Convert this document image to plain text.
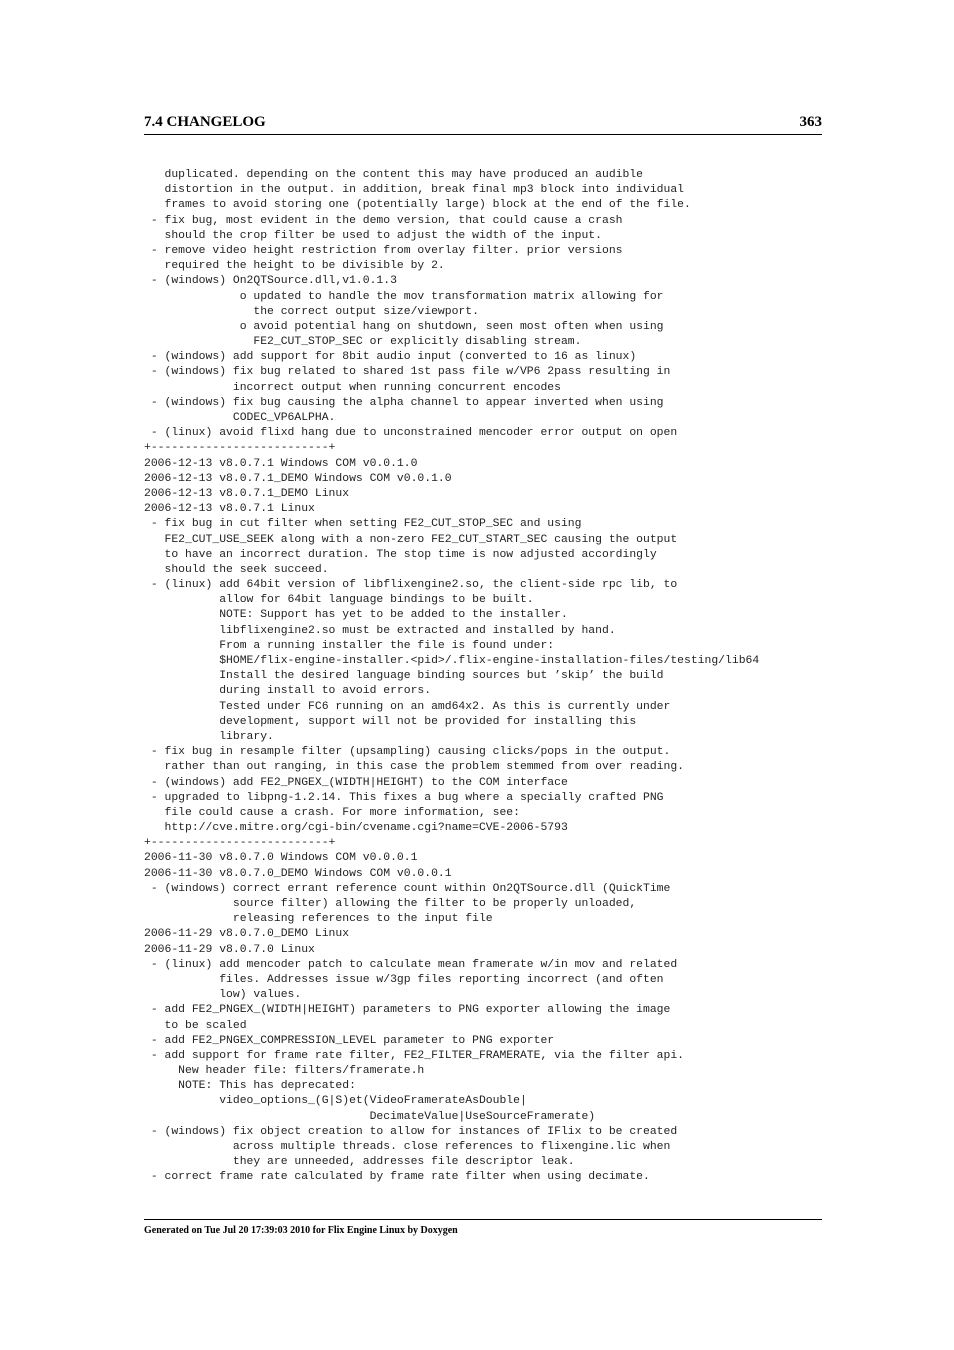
7.4 CHANGELOG	363
duplicated. depending on the content this may have produced an audible
distortion in the output. in addition, break final mp3 block into individual
frames to avoid storing one (potentially large) block at the end of the file.
- fix bug, most evident in the demo version, that could cause a crash
should the crop filter be used to adjust the width of the input.
- remove video height restriction from overlay filter. prior versions
required the height to be divisible by 2.
- (windows) On2QTSource.dll,v1.0.1.3
o updated to handle the mov transformation matrix allowing for
the correct output size/viewport.
o avoid potential hang on shutdown, seen most often when using
FE2_CUT_STOP_SEC or explicitly disabling stream.
- (windows) add support for 8bit audio input (converted to 16 as linux)
- (windows) fix bug related to shared 1st pass file w/VP6 2pass resulting in
incorrect output when running concurrent encodes
- (windows) fix bug causing the alpha channel to appear inverted when using
CODEC_VP6ALPHA.
- (linux) avoid flixd hang due to unconstrained mencoder error output on open
+--------------------------+
2006-12-13 v8.0.7.1 Windows COM v0.0.1.0
2006-12-13 v8.0.7.1_DEMO Windows COM v0.0.1.0
2006-12-13 v8.0.7.1_DEMO Linux
2006-12-13 v8.0.7.1 Linux
- fix bug in cut filter when setting FE2_CUT_STOP_SEC and using
FE2_CUT_USE_SEEK along with a non-zero FE2_CUT_START_SEC causing the output
to have an incorrect duration. The stop time is now adjusted accordingly
should the seek succeed.
- (linux) add 64bit version of libflixengine2.so, the client-side rpc lib, to
allow for 64bit language bindings to be built.
NOTE: Support has yet to be added to the installer.
libflixengine2.so must be extracted and installed by hand.
From a running installer the file is found under:
$HOME/flix-engine-installer.<pid>/.flix-engine-installation-files/testing/lib64
Install the desired language binding sources but ’skip’ the build
during install to avoid errors.
Tested under FC6 running on an amd64x2. As this is currently under
development, support will not be provided for installing this
library.
- fix bug in resample filter (upsampling) causing clicks/pops in the output.
rather than out ranging, in this case the problem stemmed from over reading.
- (windows) add FE2_PNGEX_(WIDTH|HEIGHT) to the COM interface
- upgraded to libpng-1.2.14. This fixes a bug where a specially crafted PNG
file could cause a crash. For more information, see:
http://cve.mitre.org/cgi-bin/cvename.cgi?name=CVE-2006-5793
+--------------------------+
2006-11-30 v8.0.7.0 Windows COM v0.0.0.1
2006-11-30 v8.0.7.0_DEMO Windows COM v0.0.0.1
- (windows) correct errant reference count within On2QTSource.dll (QuickTime
source filter) allowing the filter to be properly unloaded,
releasing references to the input file
2006-11-29 v8.0.7.0_DEMO Linux
2006-11-29 v8.0.7.0 Linux
- (linux) add mencoder patch to calculate mean framerate w/in mov and related
files. Addresses issue w/3gp files reporting incorrect (and often
low) values.
- add FE2_PNGEX_(WIDTH|HEIGHT) parameters to PNG exporter allowing the image
to be scaled
- add FE2_PNGEX_COMPRESSION_LEVEL parameter to PNG exporter
- add support for frame rate filter, FE2_FILTER_FRAMERATE, via the filter api.
New header file: filters/framerate.h
NOTE: This has deprecated:
video_options_(G|S)et(VideoFramerateAsDouble|
DecimateValue|UseSourceFramerate)
- (windows) fix object creation to allow for instances of IFlix to be created
across multiple threads. close references to flixengine.lic when
they are unneeded, addresses file descriptor leak.
- correct frame rate calculated by frame rate filter when using decimate.
Generated on Tue Jul 20 17:39:03 2010 for Flix Engine Linux by Doxygen
